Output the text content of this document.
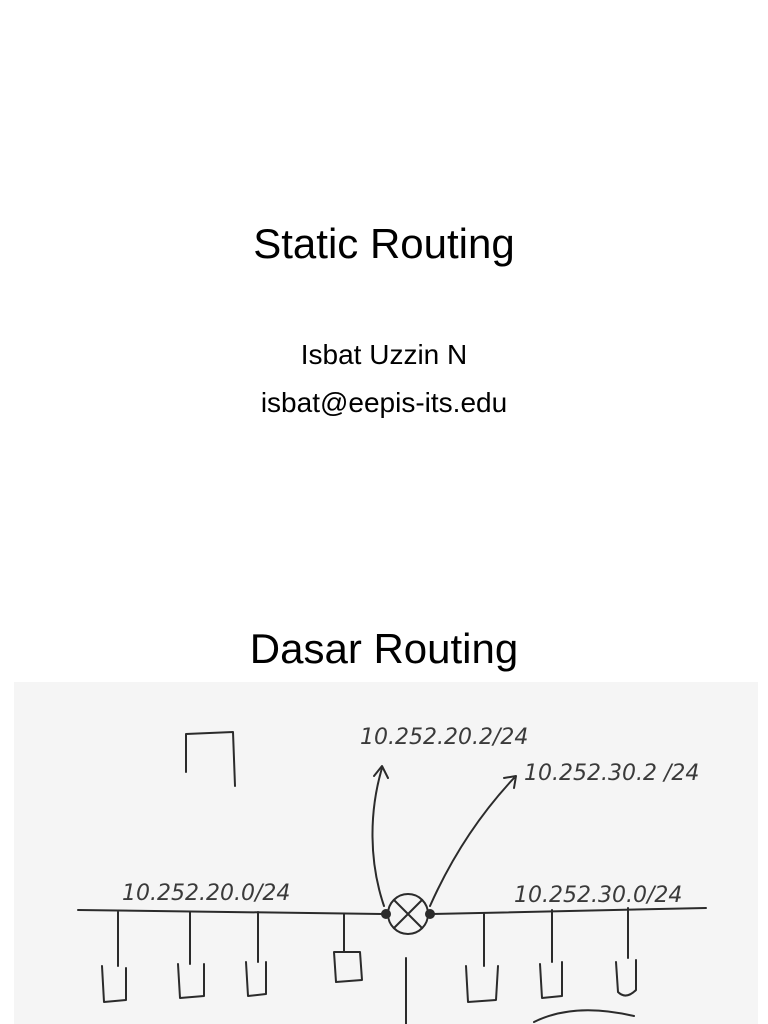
Static Routing
Isbat Uzzin N
isbat@eepis-its.edu
Dasar Routing
10.252.20.2/24
10.252.30.2 /24
10.252.20.0/24	10.252.30.0/24
